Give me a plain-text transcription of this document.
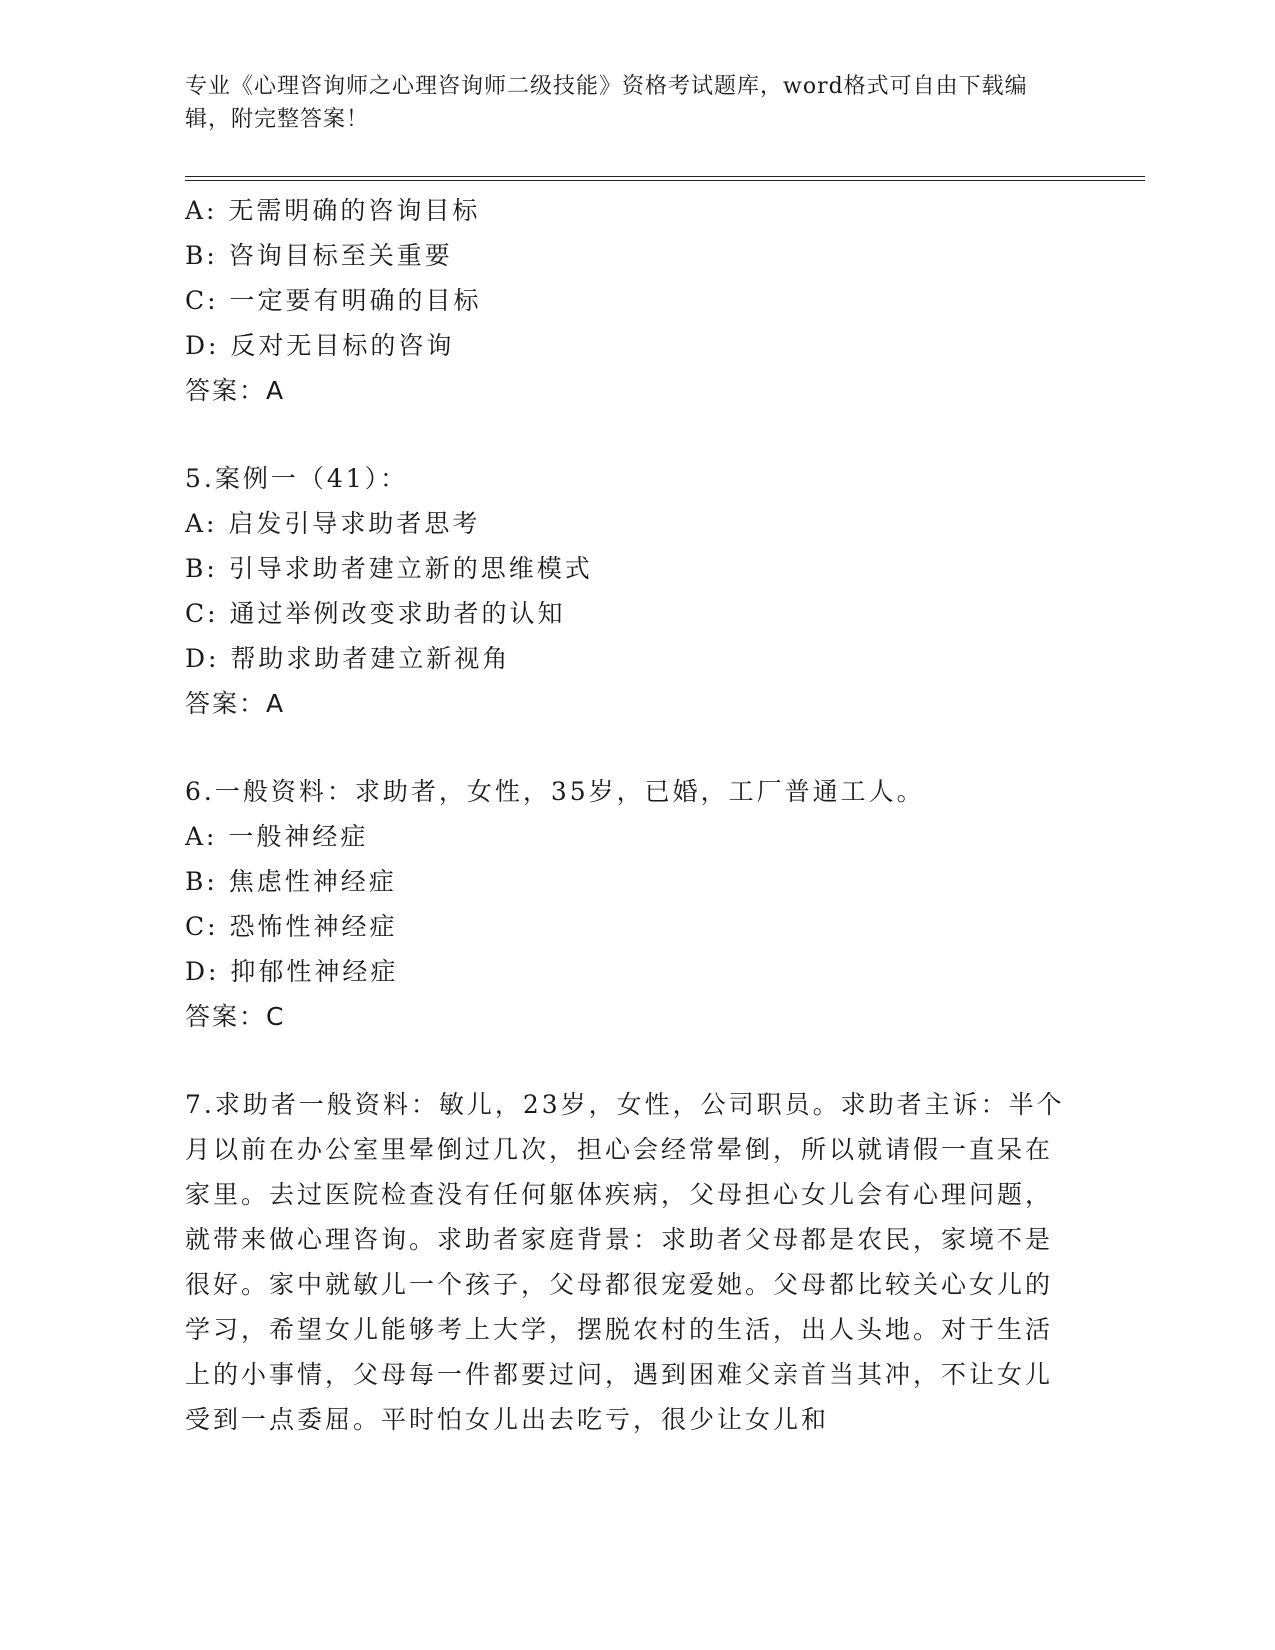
专业《心理咨询师之心理咨询师二级技能》资格考试题库，word格式可自由下载编辑，附完整答案！
A: 无需明确的咨询目标
B: 咨询目标至关重要
C: 一定要有明确的目标
D: 反对无目标的咨询
答案：A
5.案例一（41）：
A: 启发引导求助者思考
B: 引导求助者建立新的思维模式
C: 通过举例改变求助者的认知
D: 帮助求助者建立新视角
答案：A
6.一般资料：求助者，女性，35岁，已婚，工厂普通工人。
A: 一般神经症
B: 焦虑性神经症
C: 恐怖性神经症
D: 抑郁性神经症
答案：C
7.求助者一般资料：敏儿，23岁，女性，公司职员。求助者主诉：半个月以前在办公室里晕倒过几次，担心会经常晕倒，所以就请假一直呆在家里。去过医院检查没有任何躯体疾病，父母担心女儿会有心理问题，就带来做心理咨询。求助者家庭背景：求助者父母都是农民，家境不是很好。家中就敏儿一个孩子，父母都很宠爱她。父母都比较关心女儿的学习，希望女儿能够考上大学，摆脱农村的生活，出人头地。对于生活上的小事情，父母每一件都要过问，遇到困难父亲首当其冲，不让女儿受到一点委屈。平时怕女儿出去吃亏，很少让女儿和
